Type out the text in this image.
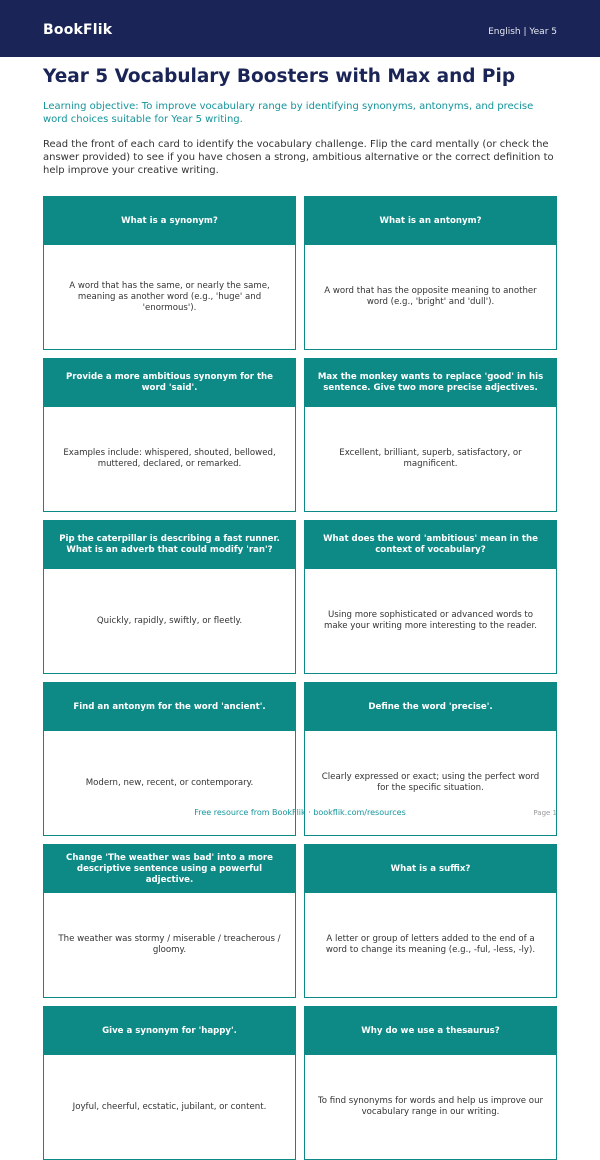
BookFlik	English | Year 5
Year 5 Vocabulary Boosters with Max and Pip
Learning objective: To improve vocabulary range by identifying synonyms, antonyms, and precise word choices suitable for Year 5 writing.
Read the front of each card to identify the vocabulary challenge. Flip the card mentally (or check the answer provided) to see if you have chosen a strong, ambitious alternative or the correct definition to help improve your creative writing.
What is a synonym?
A word that has the same, or nearly the same, meaning as another word (e.g., 'huge' and 'enormous').
What is an antonym?
A word that has the opposite meaning to another word (e.g., 'bright' and 'dull').
Provide a more ambitious synonym for the word 'said'.
Examples include: whispered, shouted, bellowed, muttered, declared, or remarked.
Max the monkey wants to replace 'good' in his sentence. Give two more precise adjectives.
Excellent, brilliant, superb, satisfactory, or magnificent.
Pip the caterpillar is describing a fast runner. What is an adverb that could modify 'ran'?
Quickly, rapidly, swiftly, or fleetly.
What does the word 'ambitious' mean in the context of vocabulary?
Using more sophisticated or advanced words to make your writing more interesting to the reader.
Find an antonym for the word 'ancient'.
Modern, new, recent, or contemporary.
Define the word 'precise'.
Clearly expressed or exact; using the perfect word for the specific situation.
Change 'The weather was bad' into a more descriptive sentence using a powerful adjective.
The weather was stormy / miserable / treacherous / gloomy.
What is a suffix?
A letter or group of letters added to the end of a word to change its meaning (e.g., -ful, -less, -ly).
Give a synonym for 'happy'.
Joyful, cheerful, ecstatic, jubilant, or content.
Why do we use a thesaurus?
To find synonyms for words and help us improve our vocabulary range in our writing.
Free resource from BookFlik · bookflik.com/resources	Page 1
